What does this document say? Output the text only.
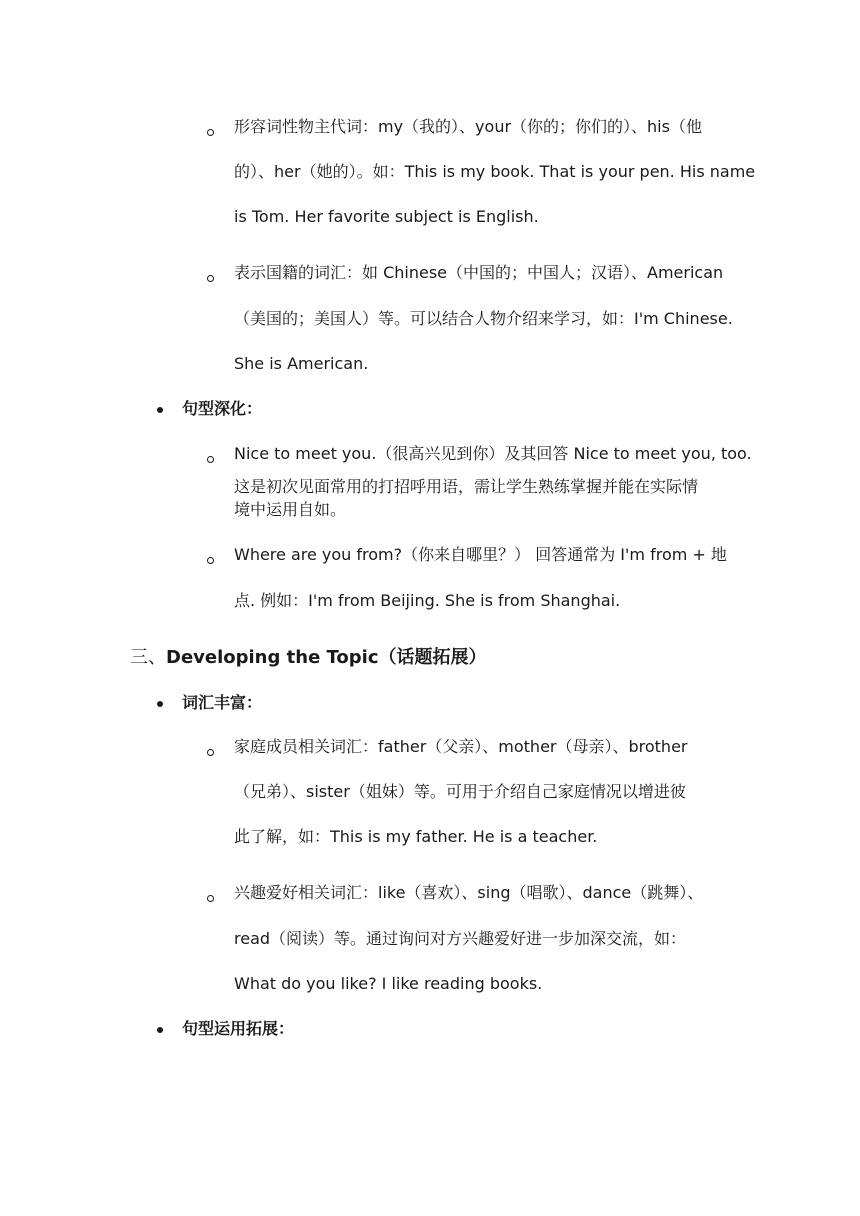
形容词性物主代词：my（我的）、your（你的；你们的）、his（他
的）、her（她的）。如：This is my book. That is your pen. His name
is Tom. Her favorite subject is English.
表示国籍的词汇：如 Chinese（中国的；中国人；汉语）、American
（美国的；美国人）等。可以结合人物介绍来学习，如：I'm Chinese.
She is American.
句型深化：
Nice to meet you.（很高兴见到你）及其回答 Nice to meet you, too.
这是初次见面常用的打招呼用语，需让学生熟练掌握并能在实际情
境中运用自如。
Where are you from?（你来自哪里？） 回答通常为 I'm from + 地
点. 例如：I'm from Beijing. She is from Shanghai.
三、Developing the Topic（话题拓展）
词汇丰富：
家庭成员相关词汇：father（父亲）、mother（母亲）、brother
（兄弟）、sister（姐妹）等。可用于介绍自己家庭情况以增进彼
此了解，如：This is my father. He is a teacher.
兴趣爱好相关词汇：like（喜欢）、sing（唱歌）、dance（跳舞）、
read（阅读）等。通过询问对方兴趣爱好进一步加深交流，如：
What do you like? I like reading books.
句型运用拓展：
